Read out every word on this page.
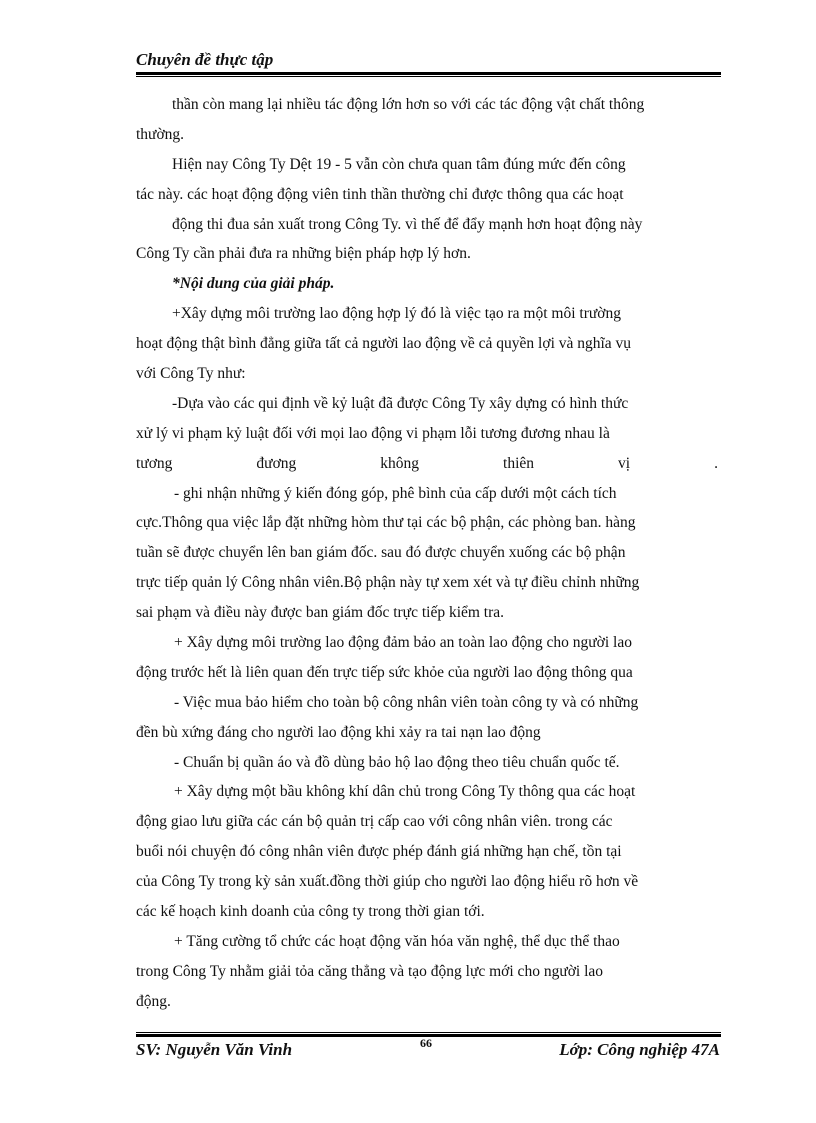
Chuyên đề thực tập
thần còn mang lại nhiều tác động lớn hơn so với các tác động vật chất thông
thường.
Hiện nay Công Ty Dệt 19 - 5 vẫn còn chưa quan tâm đúng mức đến công
tác này. các hoạt động động viên tinh thần thường chỉ được thông qua các hoạt
động thi đua sản xuất trong Công Ty. vì thế để đẩy mạnh hơn hoạt động này
Công Ty cần phải đưa ra những biện pháp hợp lý hơn.
*Nội dung của giải pháp.
+Xây dựng môi trường lao động hợp lý đó là việc tạo ra một môi trường
hoạt động thật bình đẳng giữa tất cả người lao động về cả quyền lợi và nghĩa vụ
với Công Ty như:
-Dựa vào các qui định về kỷ luật đã được Công Ty xây dựng có hình thức
xử lý vi phạm kỷ luật đối với mọi lao động vi phạm lỗi tương đương nhau là
tương đương không thiên vị .
- ghi nhận những ý kiến đóng góp, phê bình của cấp dưới một cách tích
cực.Thông qua việc lắp đặt những hòm thư tại các bộ phận, các phòng ban. hàng
tuần sẽ được chuyển lên ban giám đốc. sau đó được chuyển xuống các bộ phận
trực tiếp quản lý Công nhân viên.Bộ phận này tự xem xét và tự điều chỉnh những
sai phạm và điều này được ban giám đốc trực tiếp kiểm tra.
+ Xây dựng môi trường lao động đảm bảo an toàn lao động cho người lao
động trước hết là liên quan đến trực tiếp sức khỏe của người lao động thông qua
- Việc mua bảo hiểm cho toàn bộ công nhân viên toàn công ty và có những
đền bù xứng đáng cho người lao động khi xảy ra tai nạn lao động
- Chuẩn bị quần áo và đồ dùng bảo hộ lao động theo tiêu chuẩn quốc tế.
+ Xây dựng một bầu không khí dân chủ trong Công Ty thông qua các hoạt
động giao lưu giữa các cán bộ quản trị cấp cao với công nhân viên. trong các
buổi nói chuyện đó công nhân viên được phép đánh giá những hạn chế, tồn tại
của Công Ty trong kỳ sản xuất.đồng thời giúp cho người lao động hiểu rõ hơn về
các kế hoạch kinh doanh của công ty trong thời gian tới.
+ Tăng cường tổ chức các hoạt động văn hóa văn nghệ, thể dục thể thao
trong Công Ty nhằm giải tỏa căng thẳng và tạo động lực mới cho người lao
động.
SV: Nguyễn Văn Vinh	66	Lớp: Công nghiệp 47A
